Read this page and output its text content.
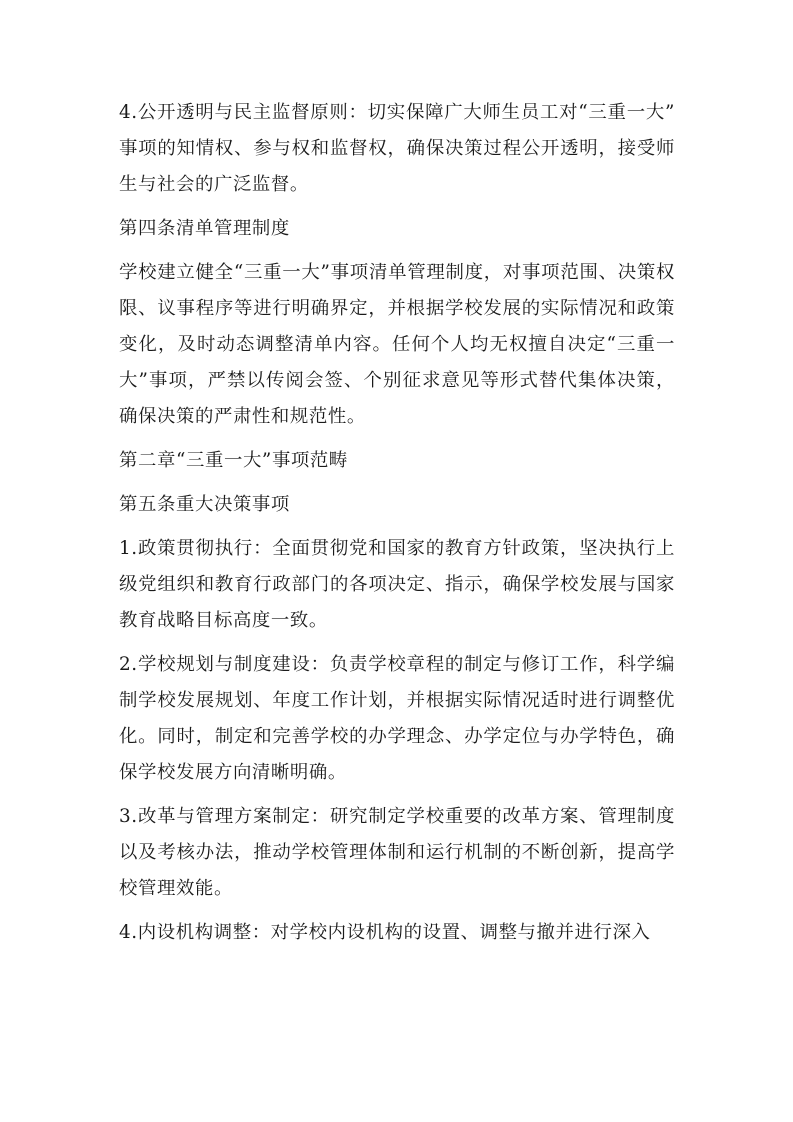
4.公开透明与民主监督原则：切实保障广大师生员工对“三重一大”事项的知情权、参与权和监督权，确保决策过程公开透明，接受师生与社会的广泛监督。

第四条清单管理制度

学校建立健全“三重一大”事项清单管理制度，对事项范围、决策权限、议事程序等进行明确界定，并根据学校发展的实际情况和政策变化，及时动态调整清单内容。任何个人均无权擅自决定“三重一大”事项，严禁以传阅会签、个别征求意见等形式替代集体决策，确保决策的严肃性和规范性。

第二章“三重一大”事项范畴

第五条重大决策事项

1.政策贯彻执行：全面贯彻党和国家的教育方针政策，坚决执行上级党组织和教育行政部门的各项决定、指示，确保学校发展与国家教育战略目标高度一致。

2.学校规划与制度建设：负责学校章程的制定与修订工作，科学编制学校发展规划、年度工作计划，并根据实际情况适时进行调整优化。同时，制定和完善学校的办学理念、办学定位与办学特色，确保学校发展方向清晰明确。

3.改革与管理方案制定：研究制定学校重要的改革方案、管理制度以及考核办法，推动学校管理体制和运行机制的不断创新，提高学校管理效能。

4.内设机构调整：对学校内设机构的设置、调整与撤并进行深入
